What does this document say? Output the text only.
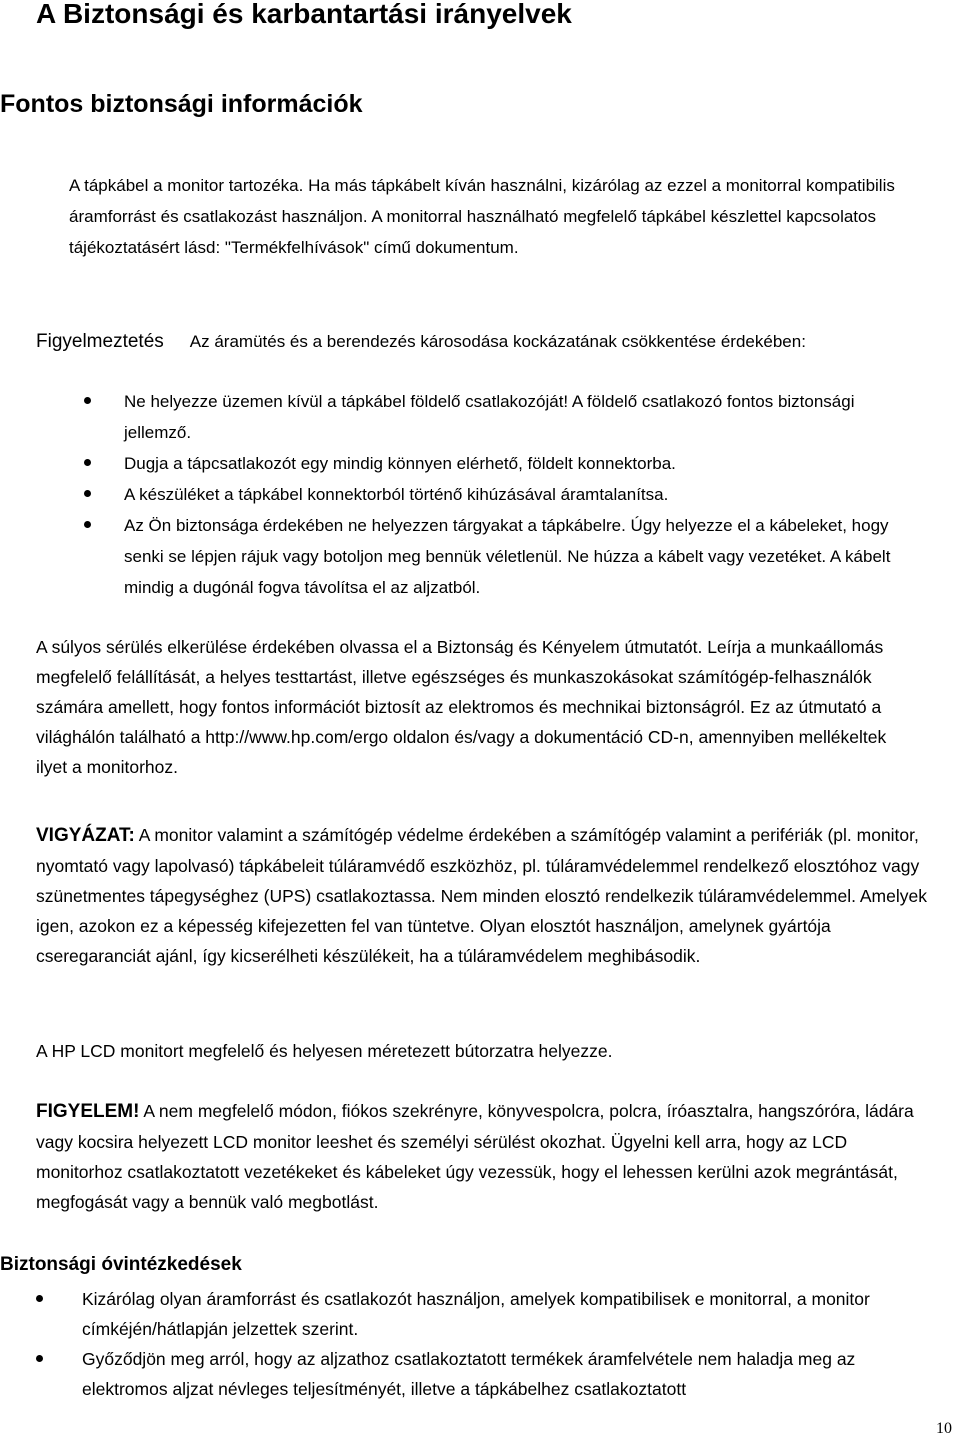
A Biztonsági és karbantartási irányelvek
Fontos biztonsági információk
A tápkábel a monitor tartozéka. Ha más tápkábelt kíván használni, kizárólag az ezzel a monitorral kompatibilis áramforrást és csatlakozást használjon. A monitorral használható megfelelő tápkábel készlettel kapcsolatos tájékoztatásért lásd: "Termékfelhívások" című dokumentum.
Figyelmeztetés Az áramütés és a berendezés károsodása kockázatának csökkentése érdekében:
Ne helyezze üzemen kívül a tápkábel földelő csatlakozóját! A földelő csatlakozó fontos biztonsági jellemző.
Dugja a tápcsatlakozót egy mindig könnyen elérhető, földelt konnektorba.
A készüléket a tápkábel konnektorból történő kihúzásával áramtalanítsa.
Az Ön biztonsága érdekében ne helyezzen tárgyakat a tápkábelre. Úgy helyezze el a kábeleket, hogy senki se lépjen rájuk vagy botoljon meg bennük véletlenül. Ne húzza a kábelt vagy vezetéket. A kábelt mindig a dugónál fogva távolítsa el az aljzatból.
A súlyos sérülés elkerülése érdekében olvassa el a Biztonság és Kényelem útmutatót. Leírja a munkaállomás megfelelő felállítását, a helyes testtartást, illetve egészséges és munkaszokásokat számítógép-felhasználók számára amellett, hogy fontos információt biztosít az elektromos és mechnikai biztonságról. Ez az útmutató a világhálón található a http://www.hp.com/ergo oldalon és/vagy a dokumentáció CD-n, amennyiben mellékeltek ilyet a monitorhoz.
VIGYÁZAT: A monitor valamint a számítógép védelme érdekében a számítógép valamint a perifériák (pl. monitor, nyomtató vagy lapolvasó) tápkábeleit túláramvédő eszközhöz, pl. túláramvédelemmel rendelkező elosztóhoz vagy szünetmentes tápegységhez (UPS) csatlakoztassa. Nem minden elosztó rendelkezik túláramvédelemmel. Amelyek igen, azokon ez a képesség kifejezetten fel van tüntetve. Olyan elosztót használjon, amelynek gyártója cseregaranciát ajánl, így kicserélheti készülékeit, ha a túláramvédelem meghibásodik.
A HP LCD monitort megfelelő és helyesen méretezett bútorzatra helyezze.
FIGYELEM! A nem megfelelő módon, fiókos szekrényre, könyvespolcra, polcra, íróasztalra, hangszóróra, ládára vagy kocsira helyezett LCD monitor leeshet és személyi sérülést okozhat. Ügyelni kell arra, hogy az LCD monitorhoz csatlakoztatott vezetékeket és kábeleket úgy vezessük, hogy el lehessen kerülni azok megrántását, megfogását vagy a bennük való megbotlást.
Biztonsági óvintézkedések
Kizárólag olyan áramforrást és csatlakozót használjon, amelyek kompatibilisek e monitorral, a monitor címkéjén/hátlapján jelzettek szerint.
Győződjön meg arról, hogy az aljzathoz csatlakoztatott termékek áramfelvétele nem haladja meg az elektromos aljzat névleges teljesítményét, illetve a tápkábelhez csatlakoztatott
10
